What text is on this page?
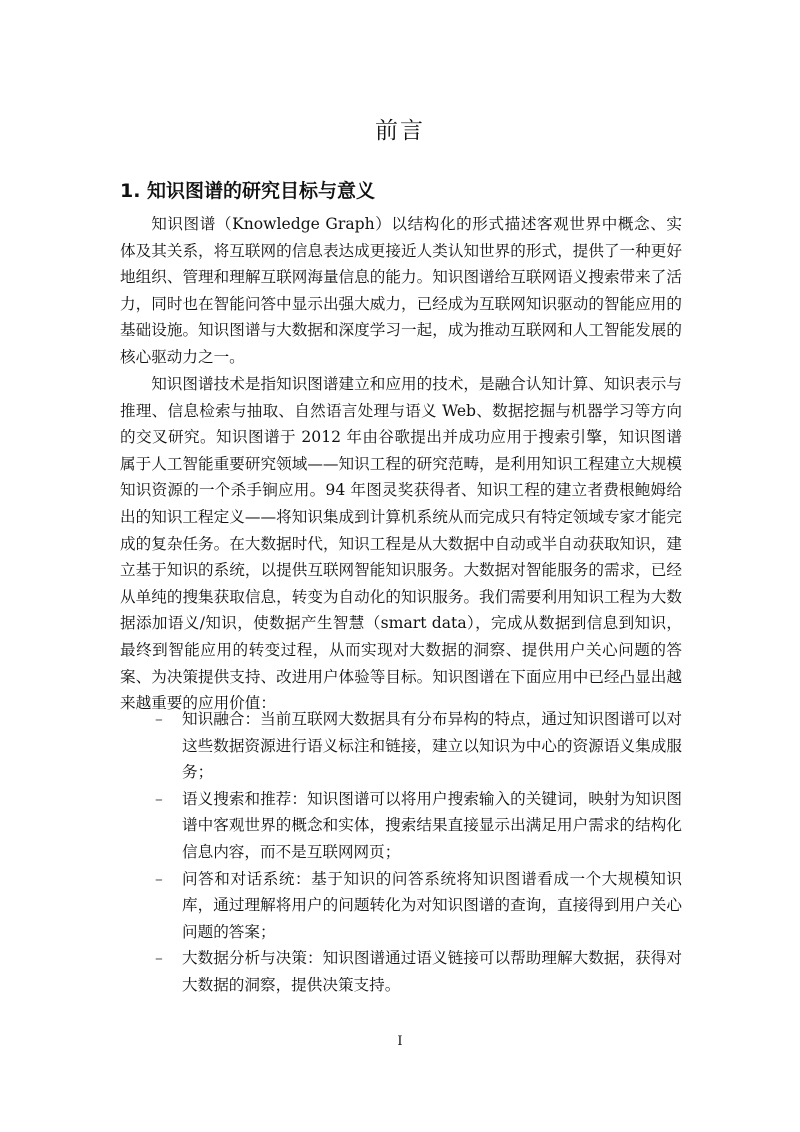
前言
1. 知识图谱的研究目标与意义

知识图谱（Knowledge Graph）以结构化的形式描述客观世界中概念、实体及其关系，将互联网的信息表达成更接近人类认知世界的形式，提供了一种更好地组织、管理和理解互联网海量信息的能力。知识图谱给互联网语义搜索带来了活力，同时也在智能问答中显示出强大威力，已经成为互联网知识驱动的智能应用的基础设施。知识图谱与大数据和深度学习一起，成为推动互联网和人工智能发展的核心驱动力之一。

知识图谱技术是指知识图谱建立和应用的技术，是融合认知计算、知识表示与推理、信息检索与抽取、自然语言处理与语义 Web、数据挖掘与机器学习等方向的交叉研究。知识图谱于 2012 年由谷歌提出并成功应用于搜索引擎，知识图谱属于人工智能重要研究领域——知识工程的研究范畴，是利用知识工程建立大规模知识资源的一个杀手锏应用。94 年图灵奖获得者、知识工程的建立者费根鲍姆给出的知识工程定义——将知识集成到计算机系统从而完成只有特定领域专家才能完成的复杂任务。在大数据时代，知识工程是从大数据中自动或半自动获取知识，建立基于知识的系统，以提供互联网智能知识服务。大数据对智能服务的需求，已经从单纯的搜集获取信息，转变为自动化的知识服务。我们需要利用知识工程为大数据添加语义/知识，使数据产生智慧（smart data），完成从数据到信息到知识，最终到智能应用的转变过程，从而实现对大数据的洞察、提供用户关心问题的答案、为决策提供支持、改进用户体验等目标。知识图谱在下面应用中已经凸显出越来越重要的应用价值：

– 知识融合：当前互联网大数据具有分布异构的特点，通过知识图谱可以对这些数据资源进行语义标注和链接，建立以知识为中心的资源语义集成服务；
– 语义搜索和推荐：知识图谱可以将用户搜索输入的关键词，映射为知识图谱中客观世界的概念和实体，搜索结果直接显示出满足用户需求的结构化信息内容，而不是互联网网页；
– 问答和对话系统：基于知识的问答系统将知识图谱看成一个大规模知识库，通过理解将用户的问题转化为对知识图谱的查询，直接得到用户关心问题的答案；
– 大数据分析与决策：知识图谱通过语义链接可以帮助理解大数据，获得对大数据的洞察，提供决策支持。
I
